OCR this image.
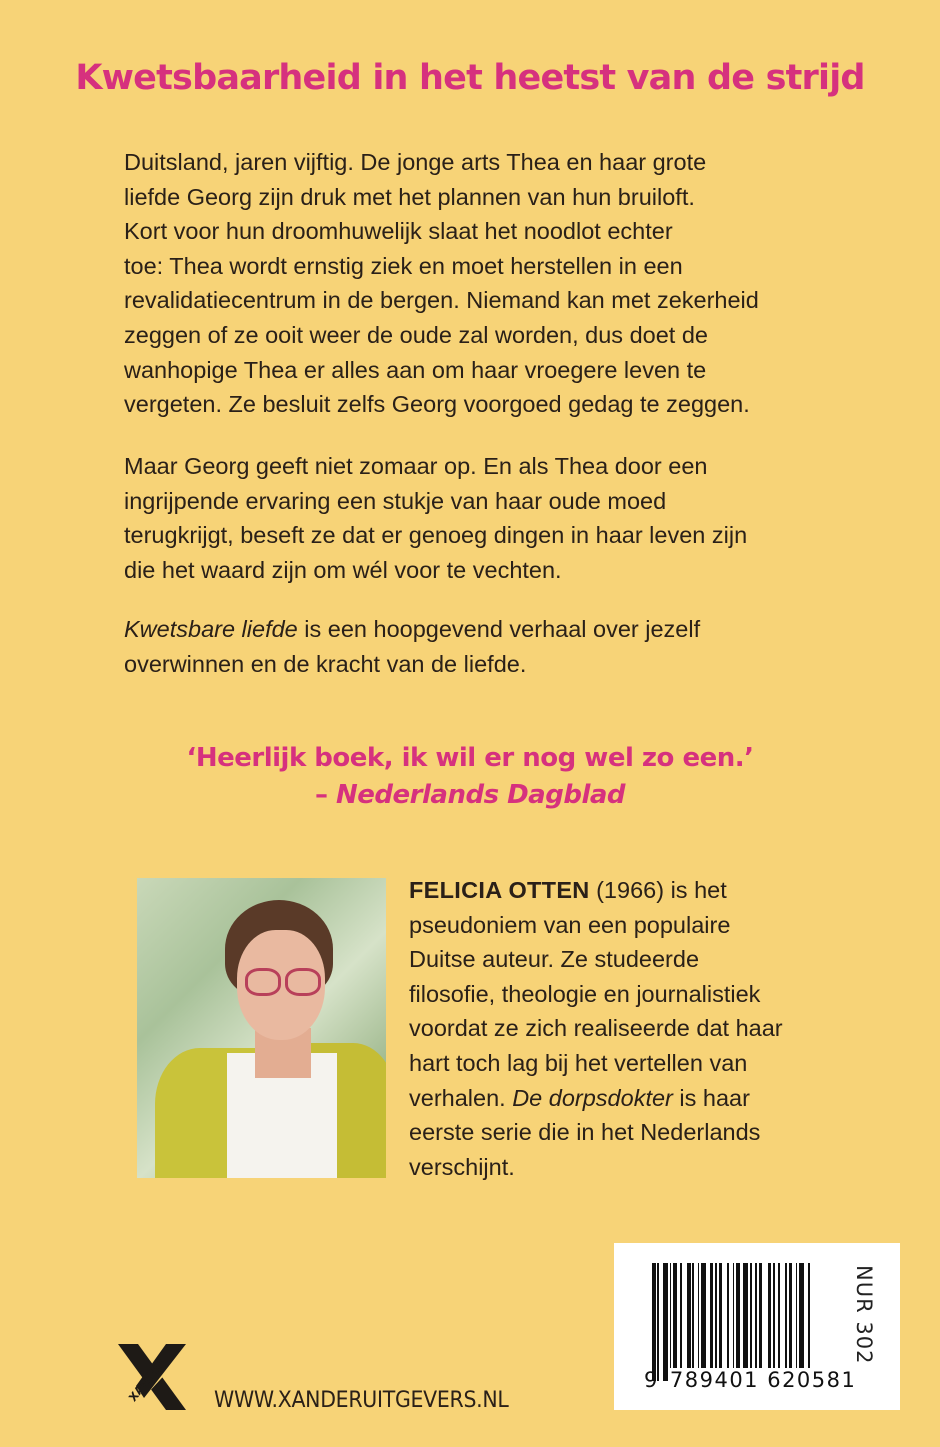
Kwetsbaarheid in het heetst van de strijd
Duitsland, jaren vijftig. De jonge arts Thea en haar grote
liefde Georg zijn druk met het plannen van hun bruiloft.
Kort voor hun droomhuwelijk slaat het noodlot echter
toe: Thea wordt ernstig ziek en moet herstellen in een
revalidatiecentrum in de bergen. Niemand kan met zekerheid
zeggen of ze ooit weer de oude zal worden, dus doet de
wanhopige Thea er alles aan om haar vroegere leven te
vergeten. Ze besluit zelfs Georg voorgoed gedag te zeggen.
Maar Georg geeft niet zomaar op. En als Thea door een
ingrijpende ervaring een stukje van haar oude moed
terugkrijgt, beseft ze dat er genoeg dingen in haar leven zijn
die het waard zijn om wél voor te vechten.
Kwetsbare liefde is een hoopgevend verhaal over jezelf
overwinnen en de kracht van de liefde.
‘Heerlijk boek, ik wil er nog wel zo een.’
– Nederlands Dagblad
FELICIA OTTEN (1966) is het
pseudoniem van een populaire
Duitse auteur. Ze studeerde
filosofie, theologie en journalistiek
voordat ze zich realiseerde dat haar
hart toch lag bij het vertellen van
verhalen. De dorpsdokter is haar
eerste serie die in het Nederlands
verschijnt.
9 789401 620581
NUR 302
XANDER WWW.XANDERUITGEVERS.NL
